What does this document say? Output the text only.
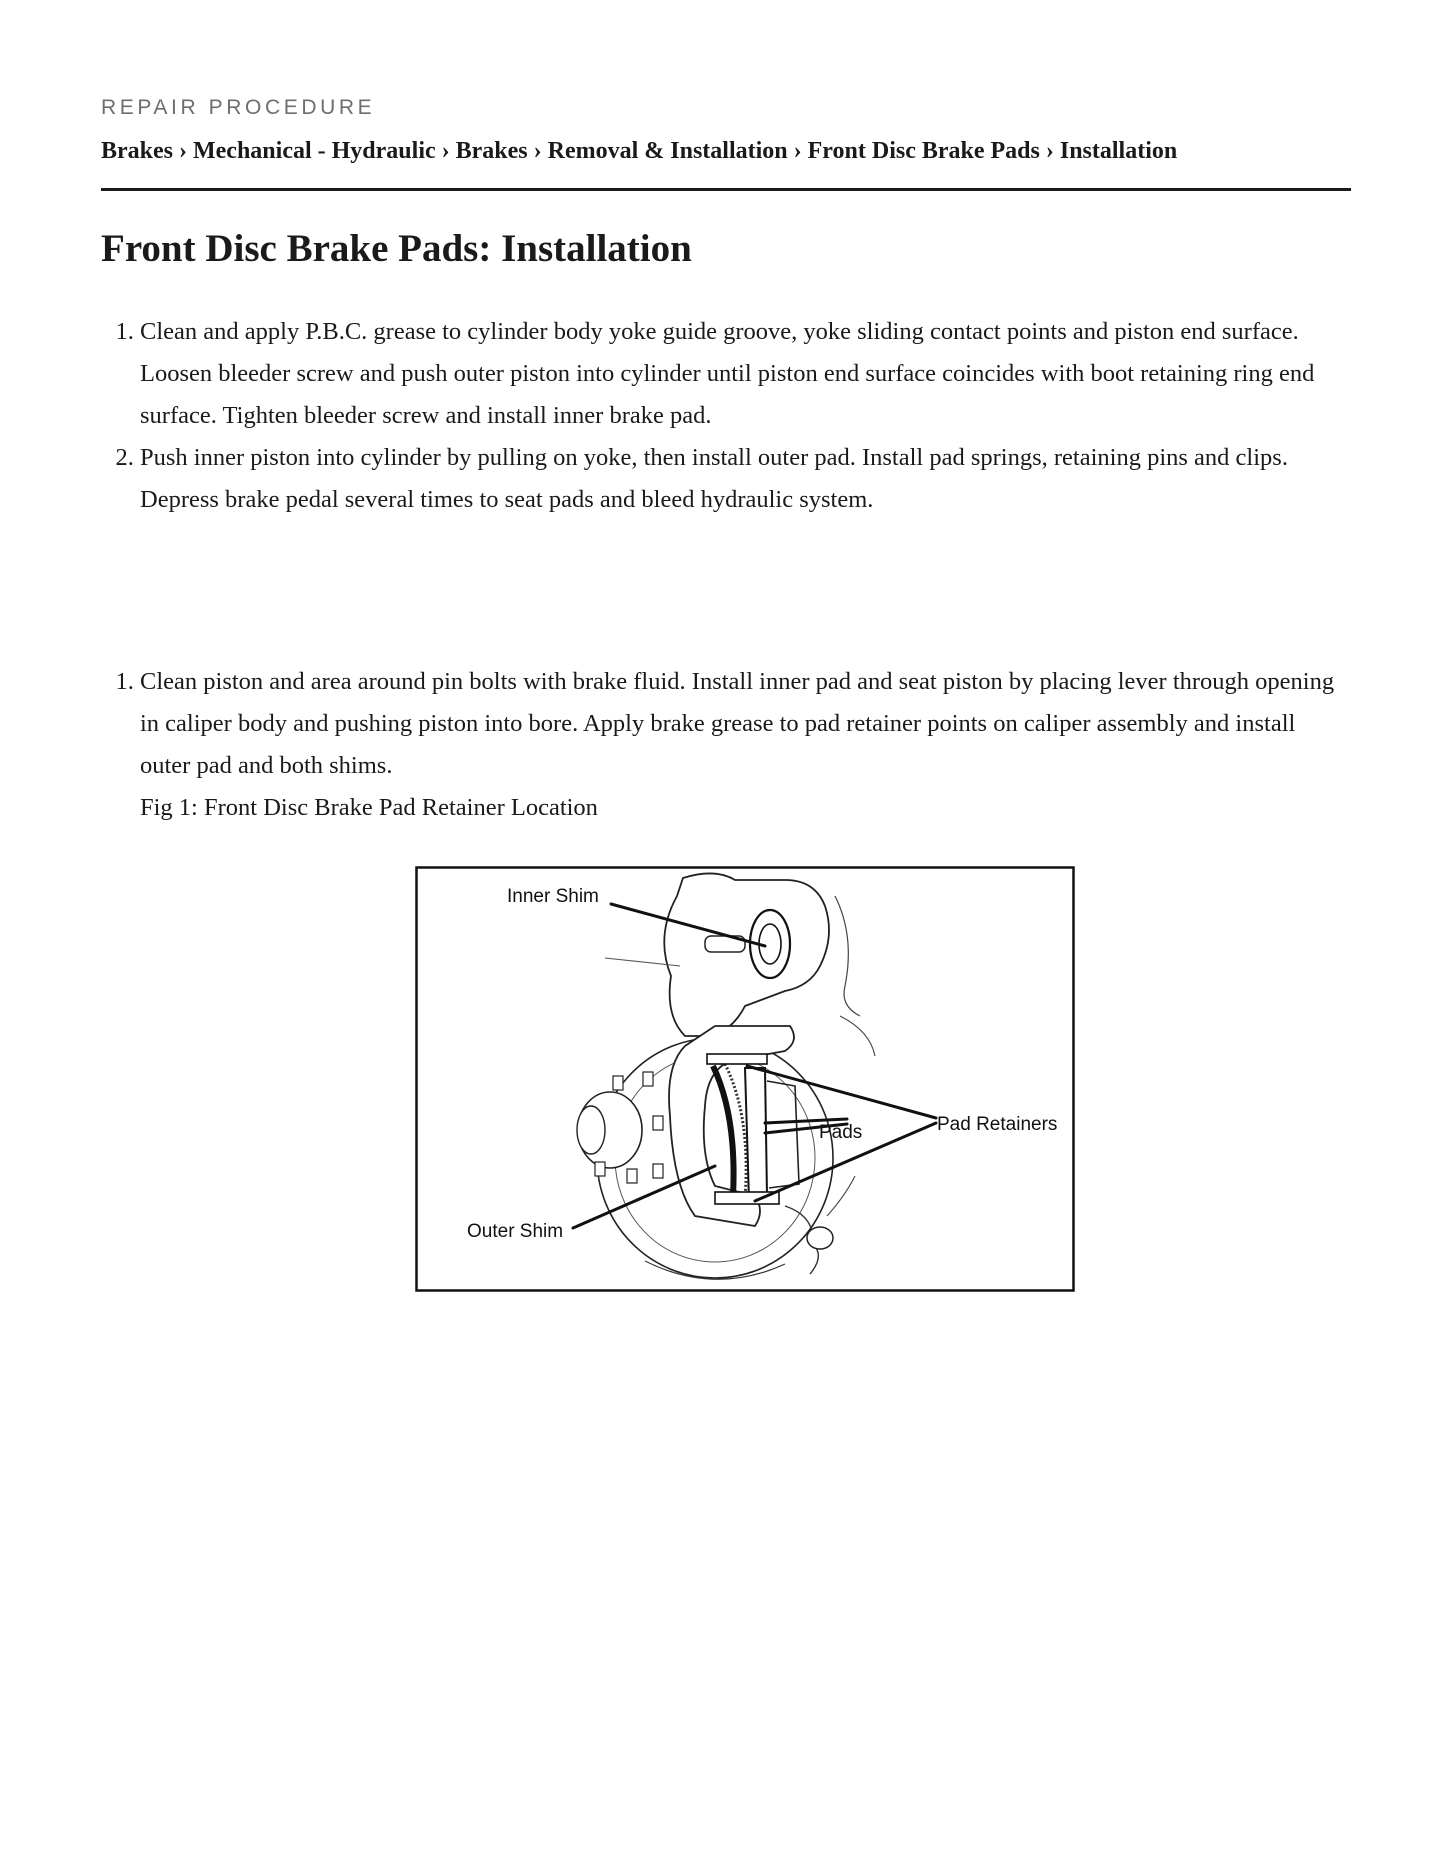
REPAIR PROCEDURE
Brakes › Mechanical - Hydraulic › Brakes › Removal & Installation › Front Disc Brake Pads › Installation
Front Disc Brake Pads: Installation
1. Clean and apply P.B.C. grease to cylinder body yoke guide groove, yoke sliding contact points and piston end surface. Loosen bleeder screw and push outer piston into cylinder until piston end surface coincides with boot retaining ring end surface. Tighten bleeder screw and install inner brake pad.
2. Push inner piston into cylinder by pulling on yoke, then install outer pad. Install pad springs, retaining pins and clips. Depress brake pedal several times to seat pads and bleed hydraulic system.
1. Clean piston and area around pin bolts with brake fluid. Install inner pad and seat piston by placing lever through opening in caliper body and pushing piston into bore. Apply brake grease to pad retainer points on caliper assembly and install outer pad and both shims.
Fig 1: Front Disc Brake Pad Retainer Location
Inner Shim
Pads	Pad Retainers
Outer Shim
